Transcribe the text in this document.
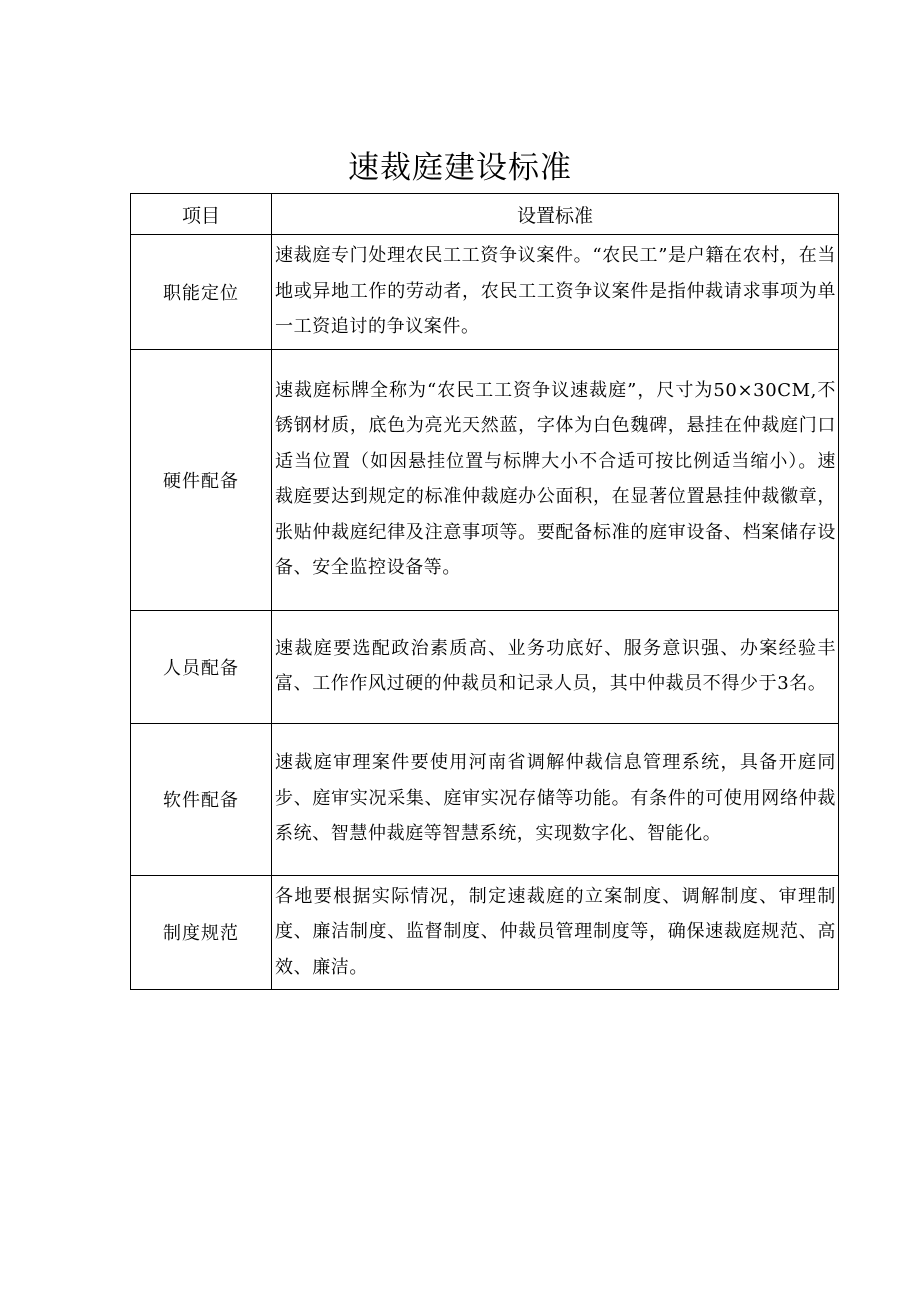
速裁庭建设标准
项目	设置标准
职能定位	速裁庭专门处理农民工工资争议案件。“农民工”是户籍在农村，在当地或异地工作的劳动者，农民工工资争议案件是指仲裁请求事项为单一工资追讨的争议案件。
硬件配备	速裁庭标牌全称为“农民工工资争议速裁庭”，尺寸为50×30CM,不锈钢材质，底色为亮光天然蓝，字体为白色魏碑，悬挂在仲裁庭门口适当位置（如因悬挂位置与标牌大小不合适可按比例适当缩小）。速裁庭要达到规定的标准仲裁庭办公面积，在显著位置悬挂仲裁徽章，张贴仲裁庭纪律及注意事项等。要配备标准的庭审设备、档案储存设备、安全监控设备等。
人员配备	速裁庭要选配政治素质高、业务功底好、服务意识强、办案经验丰富、工作作风过硬的仲裁员和记录人员，其中仲裁员不得少于3名。
软件配备	速裁庭审理案件要使用河南省调解仲裁信息管理系统，具备开庭同步、庭审实况采集、庭审实况存储等功能。有条件的可使用网络仲裁系统、智慧仲裁庭等智慧系统，实现数字化、智能化。
制度规范	各地要根据实际情况，制定速裁庭的立案制度、调解制度、审理制度、廉洁制度、监督制度、仲裁员管理制度等，确保速裁庭规范、高效、廉洁。
